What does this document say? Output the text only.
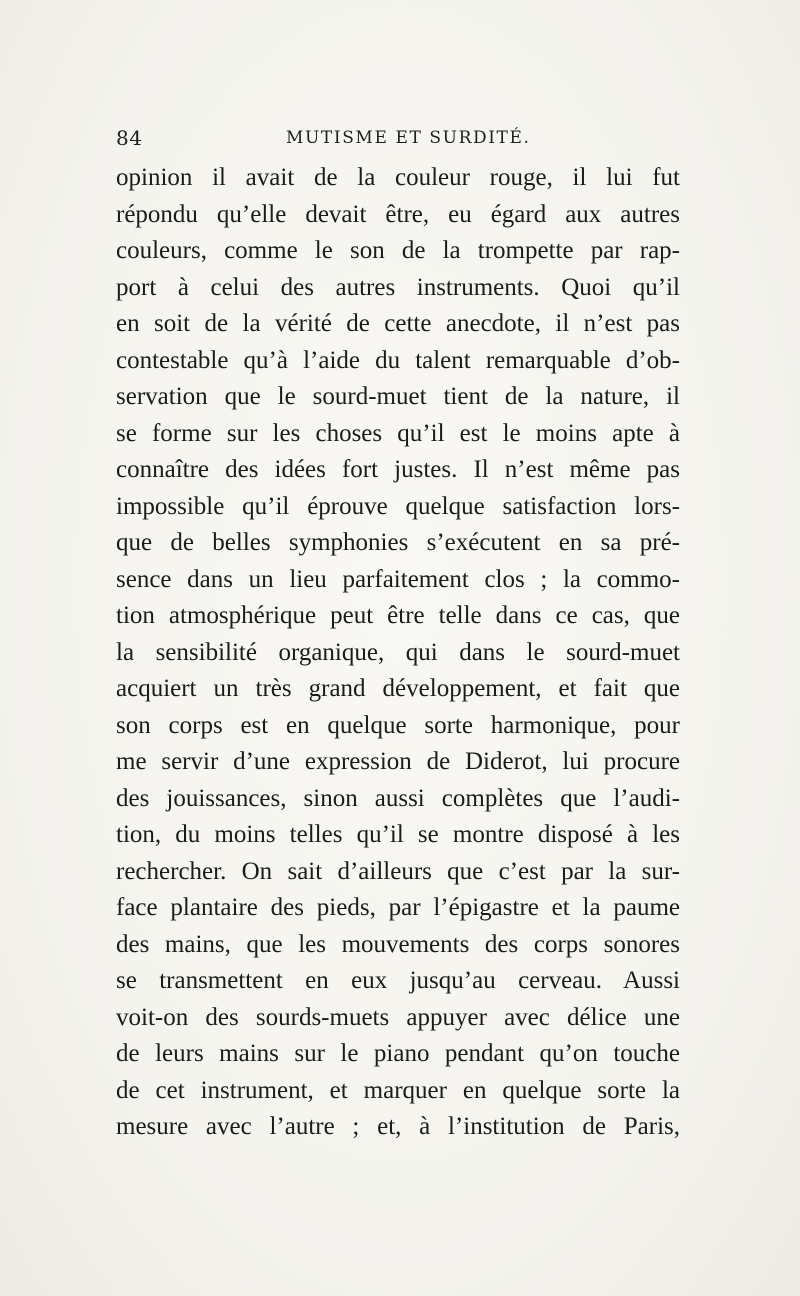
84	MUTISME ET SURDITÉ.
opinion il avait de la couleur rouge, il lui fut
répondu qu’elle devait être, eu égard aux autres
couleurs, comme le son de la trompette par rap-
port à celui des autres instruments. Quoi qu’il
en soit de la vérité de cette anecdote, il n’est pas
contestable qu’à l’aide du talent remarquable d’ob-
servation que le sourd-muet tient de la nature, il
se forme sur les choses qu’il est le moins apte à
connaître des idées fort justes. Il n’est même pas
impossible qu’il éprouve quelque satisfaction lors-
que de belles symphonies s’exécutent en sa pré-
sence dans un lieu parfaitement clos ; la commo-
tion atmosphérique peut être telle dans ce cas, que
la sensibilité organique, qui dans le sourd-muet
acquiert un très grand développement, et fait que
son corps est en quelque sorte harmonique, pour
me servir d’une expression de Diderot, lui procure
des jouissances, sinon aussi complètes que l’audi-
tion, du moins telles qu’il se montre disposé à les
rechercher. On sait d’ailleurs que c’est par la sur-
face plantaire des pieds, par l’épigastre et la paume
des mains, que les mouvements des corps sonores
se transmettent en eux jusqu’au cerveau. Aussi
voit-on des sourds-muets appuyer avec délice une
de leurs mains sur le piano pendant qu’on touche
de cet instrument, et marquer en quelque sorte la
mesure avec l’autre ; et, à l’institution de Paris,
